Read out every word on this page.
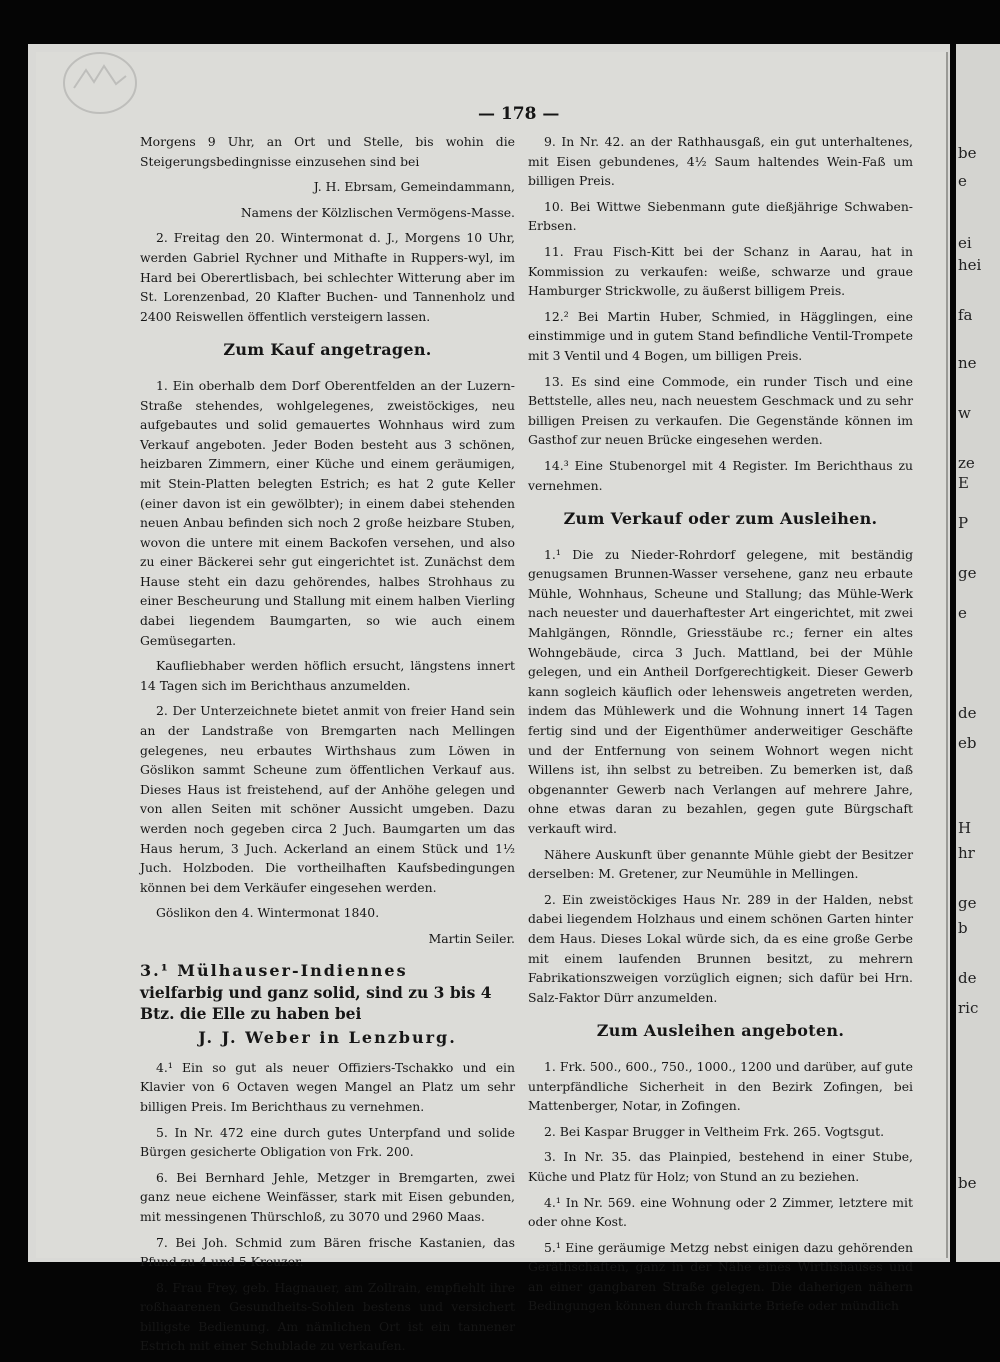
be
e
ei
hei
fa
ne
w
ze
E
P
ge
e
de
eb
H
hr
ge
b
de
ric
be
— 178 —

Morgens 9 Uhr, an Ort und Stelle, bis wohin die Steigerungsbedingnisse einzusehen sind bei

J. H. Ebrsam, Gemeindammann,

Namens der Kölzlischen Vermögens-Masse.

2. Freitag den 20. Wintermonat d. J., Morgens 10 Uhr, werden Gabriel Rychner und Mithafte in Ruppers-wyl, im Hard bei Oberertlisbach, bei schlechter Witterung aber im St. Lorenzenbad, 20 Klafter Buchen- und Tannenholz und 2400 Reiswellen öffentlich versteigern lassen.

Zum Kauf angetragen.

1. Ein oberhalb dem Dorf Oberentfelden an der Luzern-Straße stehendes, wohlgelegenes, zweistöckiges, neu aufgebautes und solid gemauertes Wohnhaus wird zum Verkauf angeboten. Jeder Boden besteht aus 3 schönen, heizbaren Zimmern, einer Küche und einem geräumigen, mit Stein-Platten belegten Estrich; es hat 2 gute Keller (einer davon ist ein gewölbter); in einem dabei stehenden neuen Anbau befinden sich noch 2 große heizbare Stuben, wovon die untere mit einem Backofen versehen, und also zu einer Bäckerei sehr gut eingerichtet ist. Zunächst dem Hause steht ein dazu gehörendes, halbes Strohhaus zu einer Bescheurung und Stallung mit einem halben Vierling dabei liegendem Baumgarten, so wie auch einem Gemüsegarten.

Kaufliebhaber werden höflich ersucht, längstens innert 14 Tagen sich im Berichthaus anzumelden.

2. Der Unterzeichnete bietet anmit von freier Hand sein an der Landstraße von Bremgarten nach Mellingen gelegenes, neu erbautes Wirthshaus zum Löwen in Göslikon sammt Scheune zum öffentlichen Verkauf aus. Dieses Haus ist freistehend, auf der Anhöhe gelegen und von allen Seiten mit schöner Aussicht umgeben. Dazu werden noch gegeben circa 2 Juch. Baumgarten um das Haus herum, 3 Juch. Ackerland an einem Stück und 1½ Juch. Holzboden. Die vortheilhaften Kaufsbedingungen können bei dem Verkäufer eingesehen werden.

Göslikon den 4. Wintermonat 1840.

Martin Seiler.

3.¹ Mülhauser-Indiennes
vielfarbig und ganz solid, sind zu 3 bis 4 Btz. die Elle zu haben bei
J. J. Weber in Lenzburg.

4.¹ Ein so gut als neuer Offiziers-Tschakko und ein Klavier von 6 Octaven wegen Mangel an Platz um sehr billigen Preis. Im Berichthaus zu vernehmen.

5. In Nr. 472 eine durch gutes Unterpfand und solide Bürgen gesicherte Obligation von Frk. 200.

6. Bei Bernhard Jehle, Metzger in Bremgarten, zwei ganz neue eichene Weinfässer, stark mit Eisen gebunden, mit messingenen Thürschloß, zu 3070 und 2960 Maas.

7. Bei Joh. Schmid zum Bären frische Kastanien, das Pfund zu 4 und 5 Kreuzer.

8. Frau Frey, geb. Hagnauer, am Zollrain, empfiehlt ihre roßhaarenen Gesundheits-Sohlen bestens und versichert billigste Bedienung. Am nämlichen Ort ist ein tannener Estrich mit einer Schublade zu verkaufen.

9. In Nr. 42. an der Rathhausgaß, ein gut unterhaltenes, mit Eisen gebundenes, 4½ Saum haltendes Wein-Faß um billigen Preis.

10. Bei Wittwe Siebenmann gute dießjährige Schwaben-Erbsen.

11. Frau Fisch-Kitt bei der Schanz in Aarau, hat in Kommission zu verkaufen: weiße, schwarze und graue Hamburger Strickwolle, zu äußerst billigem Preis.

12.² Bei Martin Huber, Schmied, in Hägglingen, eine einstimmige und in gutem Stand befindliche Ventil-Trompete mit 3 Ventil und 4 Bogen, um billigen Preis.

13. Es sind eine Commode, ein runder Tisch und eine Bettstelle, alles neu, nach neuestem Geschmack und zu sehr billigen Preisen zu verkaufen. Die Gegenstände können im Gasthof zur neuen Brücke eingesehen werden.

14.³ Eine Stubenorgel mit 4 Register. Im Berichthaus zu vernehmen.

Zum Verkauf oder zum Ausleihen.

1.¹ Die zu Nieder-Rohrdorf gelegene, mit beständig genugsamen Brunnen-Wasser versehene, ganz neu erbaute Mühle, Wohnhaus, Scheune und Stallung; das Mühle-Werk nach neuester und dauerhaftester Art eingerichtet, mit zwei Mahlgängen, Rönndle, Griesstäube rc.; ferner ein altes Wohngebäude, circa 3 Juch. Mattland, bei der Mühle gelegen, und ein Antheil Dorfgerechtigkeit. Dieser Gewerb kann sogleich käuflich oder lehensweis angetreten werden, indem das Mühlewerk und die Wohnung innert 14 Tagen fertig sind und der Eigenthümer anderweitiger Geschäfte und der Entfernung von seinem Wohnort wegen nicht Willens ist, ihn selbst zu betreiben. Zu bemerken ist, daß obgenannter Gewerb nach Verlangen auf mehrere Jahre, ohne etwas daran zu bezahlen, gegen gute Bürgschaft verkauft wird.

Nähere Auskunft über genannte Mühle giebt der Besitzer derselben: M. Gretener, zur Neumühle in Mellingen.

2. Ein zweistöckiges Haus Nr. 289 in der Halden, nebst dabei liegendem Holzhaus und einem schönen Garten hinter dem Haus. Dieses Lokal würde sich, da es eine große Gerbe mit einem laufenden Brunnen besitzt, zu mehrern Fabrikationszweigen vorzüglich eignen; sich dafür bei Hrn. Salz-Faktor Dürr anzumelden.

Zum Ausleihen angeboten.

1. Frk. 500., 600., 750., 1000., 1200 und darüber, auf gute unterpfändliche Sicherheit in den Bezirk Zofingen, bei Mattenberger, Notar, in Zofingen.

2. Bei Kaspar Brugger in Veltheim Frk. 265. Vogtsgut.

3. In Nr. 35. das Plainpied, bestehend in einer Stube, Küche und Platz für Holz; von Stund an zu beziehen.

4.¹ In Nr. 569. eine Wohnung oder 2 Zimmer, letztere mit oder ohne Kost.

5.¹ Eine geräumige Metzg nebst einigen dazu gehörenden Geräthschaften, ganz in der Nähe eines Wirthshauses und an einer gangbaren Straße gelegen. Die daherigen nähern Bedingungen können durch frankirte Briefe oder mündlich
